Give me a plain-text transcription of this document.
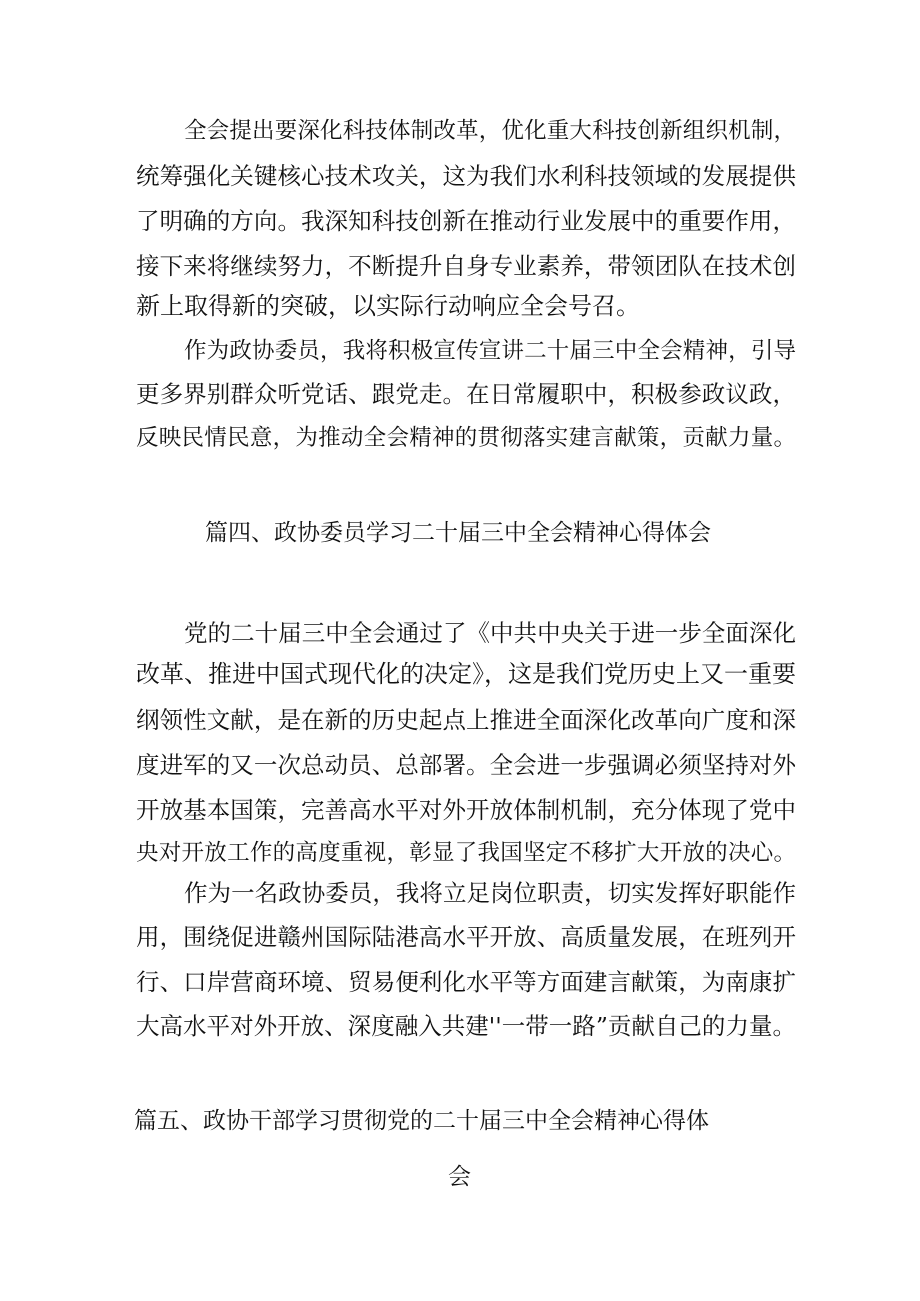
全会提出要深化科技体制改革，优化重大科技创新组织机制，
统筹强化关键核心技术攻关，这为我们水利科技领域的发展提供
了明确的方向。我深知科技创新在推动行业发展中的重要作用，
接下来将继续努力，不断提升自身专业素养，带领团队在技术创
新上取得新的突破，以实际行动响应全会号召。
作为政协委员，我将积极宣传宣讲二十届三中全会精神，引导
更多界别群众听党话、跟党走。在日常履职中，积极参政议政，
反映民情民意，为推动全会精神的贯彻落实建言献策，贡献力量。
篇四、政协委员学习二十届三中全会精神心得体会
党的二十届三中全会通过了《中共中央关于进一步全面深化
改革、推进中国式现代化的决定》，这是我们党历史上又一重要
纲领性文献，是在新的历史起点上推进全面深化改革向广度和深
度进军的又一次总动员、总部署。全会进一步强调必须坚持对外
开放基本国策，完善高水平对外开放体制机制，充分体现了党中
央对开放工作的高度重视，彰显了我国坚定不移扩大开放的决心。
作为一名政协委员，我将立足岗位职责，切实发挥好职能作
用，围绕促进赣州国际陆港高水平开放、高质量发展，在班列开
行、口岸营商环境、贸易便利化水平等方面建言献策，为南康扩
大高水平对外开放、深度融入共建''一带一路”贡献自己的力量。
篇五、政协干部学习贯彻党的二十届三中全会精神心得体
会
